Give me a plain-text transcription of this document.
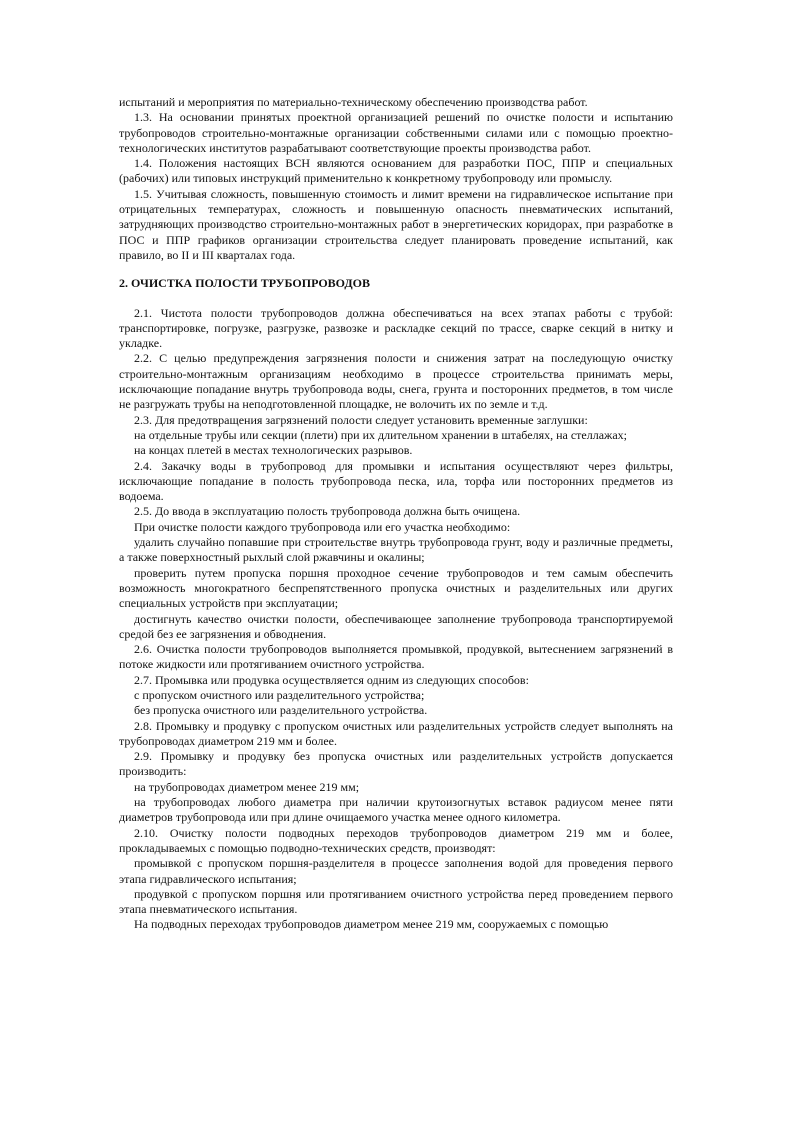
испытаний и мероприятия по материально-техническому обеспечению производства работ.

1.3. На основании принятых проектной организацией решений по очистке полости и испытанию трубопроводов строительно-монтажные организации собственными силами или с помощью проектно-технологических институтов разрабатывают соответствующие проекты производства работ.

1.4. Положения настоящих ВСН являются основанием для разработки ПОС, ППР и специальных (рабочих) или типовых инструкций применительно к конкретному трубопроводу или промыслу.

1.5. Учитывая сложность, повышенную стоимость и лимит времени на гидравлическое испытание при отрицательных температурах, сложность и повышенную опасность пневматических испытаний, затрудняющих производство строительно-монтажных работ в энергетических коридорах, при разработке в ПОС и ППР графиков организации строительства следует планировать проведение испытаний, как правило, во II и III кварталах года.

2. ОЧИСТКА ПОЛОСТИ ТРУБОПРОВОДОВ

2.1. Чистота полости трубопроводов должна обеспечиваться на всех этапах работы с трубой: транспортировке, погрузке, разгрузке, развозке и раскладке секций по трассе, сварке секций в нитку и укладке.

2.2. С целью предупреждения загрязнения полости и снижения затрат на последующую очистку строительно-монтажным организациям необходимо в процессе строительства принимать меры, исключающие попадание внутрь трубопровода воды, снега, грунта и посторонних предметов, в том числе не разгружать трубы на неподготовленной площадке, не волочить их по земле и т.д.

2.3. Для предотвращения загрязнений полости следует установить временные заглушки:

на отдельные трубы или секции (плети) при их длительном хранении в штабелях, на стеллажах;

на концах плетей в местах технологических разрывов.

2.4. Закачку воды в трубопровод для промывки и испытания осуществляют через фильтры, исключающие попадание в полость трубопровода песка, ила, торфа или посторонних предметов из водоема.

2.5. До ввода в эксплуатацию полость трубопровода должна быть очищена.

При очистке полости каждого трубопровода или его участка необходимо:

удалить случайно попавшие при строительстве внутрь трубопровода грунт, воду и различные предметы, а также поверхностный рыхлый слой ржавчины и окалины;

проверить путем пропуска поршня проходное сечение трубопроводов и тем самым обеспечить возможность многократного беспрепятственного пропуска очистных и разделительных или других специальных устройств при эксплуатации;

достигнуть качество очистки полости, обеспечивающее заполнение трубопровода транспортируемой средой без ее загрязнения и обводнения.

2.6. Очистка полости трубопроводов выполняется промывкой, продувкой, вытеснением загрязнений в потоке жидкости или протягиванием очистного устройства.

2.7. Промывка или продувка осуществляется одним из следующих способов:

с пропуском очистного или разделительного устройства;

без пропуска очистного или разделительного устройства.

2.8. Промывку и продувку с пропуском очистных или разделительных устройств следует выполнять на трубопроводах диаметром 219 мм и более.

2.9. Промывку и продувку без пропуска очистных или разделительных устройств допускается производить:

на трубопроводах диаметром менее 219 мм;

на трубопроводах любого диаметра при наличии крутоизогнутых вставок радиусом менее пяти диаметров трубопровода или при длине очищаемого участка менее одного километра.

2.10. Очистку полости подводных переходов трубопроводов диаметром 219 мм и более, прокладываемых с помощью подводно-технических средств, производят:

промывкой с пропуском поршня-разделителя в процессе заполнения водой для проведения первого этапа гидравлического испытания;

продувкой с пропуском поршня или протягиванием очистного устройства перед проведением первого этапа пневматического испытания.

На подводных переходах трубопроводов диаметром менее 219 мм, сооружаемых с помощью
